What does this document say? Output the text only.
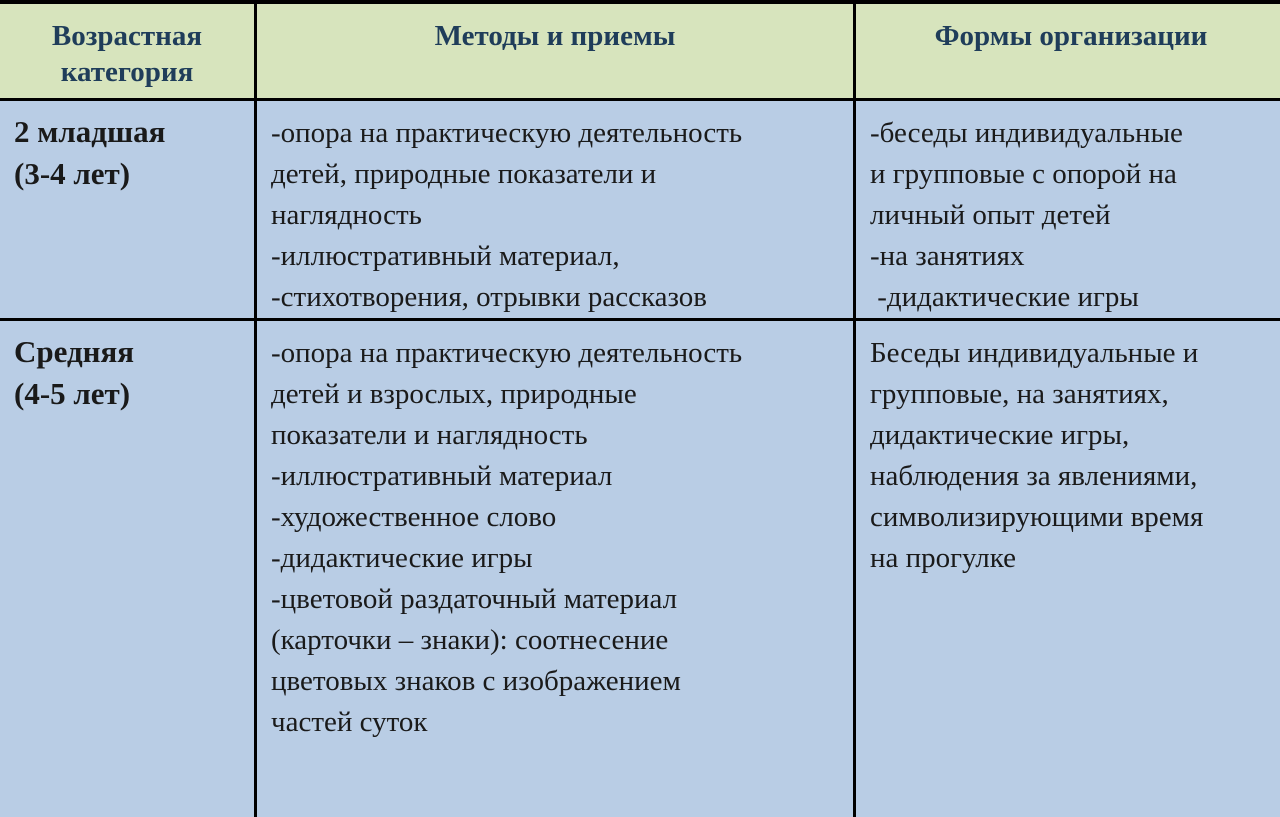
Возрастная
категория
Методы и приемы	Формы организации
2 младшая
(3-4 лет)
-опора на практическую деятельность
детей, природные показатели и
наглядность
-иллюстративный материал,
-стихотворения, отрывки рассказов
-беседы индивидуальные
и групповые с опорой на
личный опыт детей
-на занятиях
-дидактические игры
Средняя
(4-5 лет)
-опора на практическую деятельность
детей и взрослых, природные
показатели и наглядность
-иллюстративный материал
-художественное слово
-дидактические игры
-цветовой раздаточный материал
(карточки – знаки): соотнесение
цветовых знаков с изображением
частей суток
Беседы индивидуальные и
групповые, на занятиях,
дидактические игры,
наблюдения за явлениями,
символизирующими время
на прогулке
